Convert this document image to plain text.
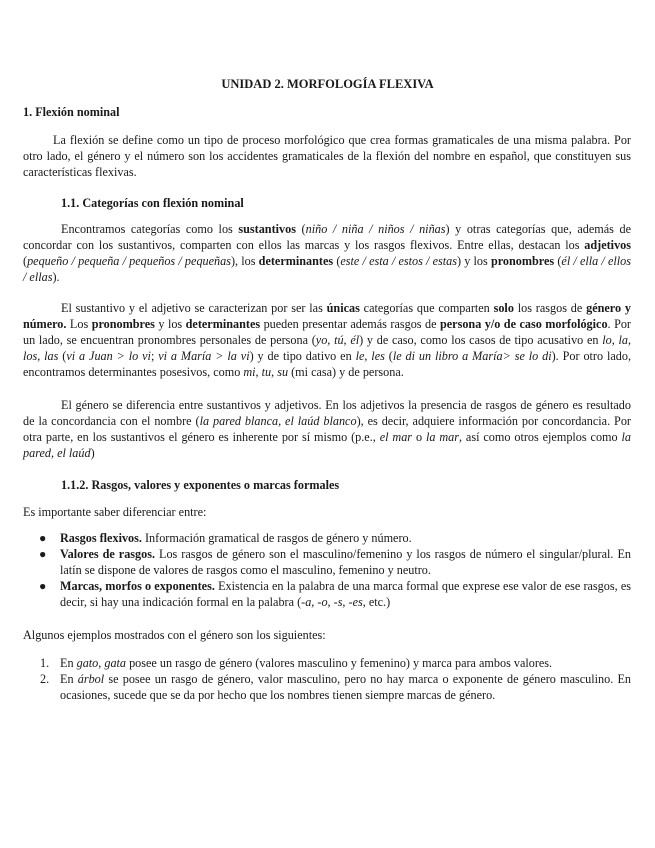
UNIDAD 2. MORFOLOGÍA FLEXIVA
1. Flexión nominal

La flexión se define como un tipo de proceso morfológico que crea formas gramaticales de una misma palabra. Por otro lado, el género y el número son los accidentes gramaticales de la flexión del nombre en español, que constituyen sus características flexivas.

1.1. Categorías con flexión nominal

Encontramos categorías como los sustantivos (niño / niña / niños / niñas) y otras categorías que, además de concordar con los sustantivos, comparten con ellos las marcas y los rasgos flexivos. Entre ellas, destacan los adjetivos (pequeño / pequeña / pequeños / pequeñas), los determinantes (este / esta / estos / estas) y los pronombres (él / ella / ellos / ellas).

El sustantivo y el adjetivo se caracterizan por ser las únicas categorías que comparten solo los rasgos de género y número. Los pronombres y los determinantes pueden presentar además rasgos de persona y/o de caso morfológico. Por un lado, se encuentran pronombres personales de persona (yo, tú, él) y de caso, como los casos de tipo acusativo en lo, la, los, las (vi a Juan > lo vi; vi a María > la vi) y de tipo dativo en le, les (le di un libro a María> se lo di). Por otro lado, encontramos determinantes posesivos, como mi, tu, su (mi casa) y de persona.

El género se diferencia entre sustantivos y adjetivos. En los adjetivos la presencia de rasgos de género es resultado de la concordancia con el nombre (la pared blanca, el laúd blanco), es decir, adquiere información por concordancia. Por otra parte, en los sustantivos el género es inherente por sí mismo (p.e., el mar o la mar, así como otros ejemplos como la pared, el laúd)

1.1.2. Rasgos, valores y exponentes o marcas formales
Es importante saber diferenciar entre:
● Rasgos flexivos. Información gramatical de rasgos de género y número.
● Valores de rasgos. Los rasgos de género son el masculino/femenino y los rasgos de número el singular/plural. En latín se dispone de valores de rasgos como el masculino, femenino y neutro.
● Marcas, morfos o exponentes. Existencia en la palabra de una marca formal que exprese ese valor de ese rasgos, es decir, si hay una indicación formal en la palabra (-a, -o, -s, -es, etc.)
Algunos ejemplos mostrados con el género son los siguientes:
1. En gato, gata posee un rasgo de género (valores masculino y femenino) y marca para ambos valores.
2. En árbol se posee un rasgo de género, valor masculino, pero no hay marca o exponente de género masculino. En ocasiones, sucede que se da por hecho que los nombres tienen siempre marcas de género.
